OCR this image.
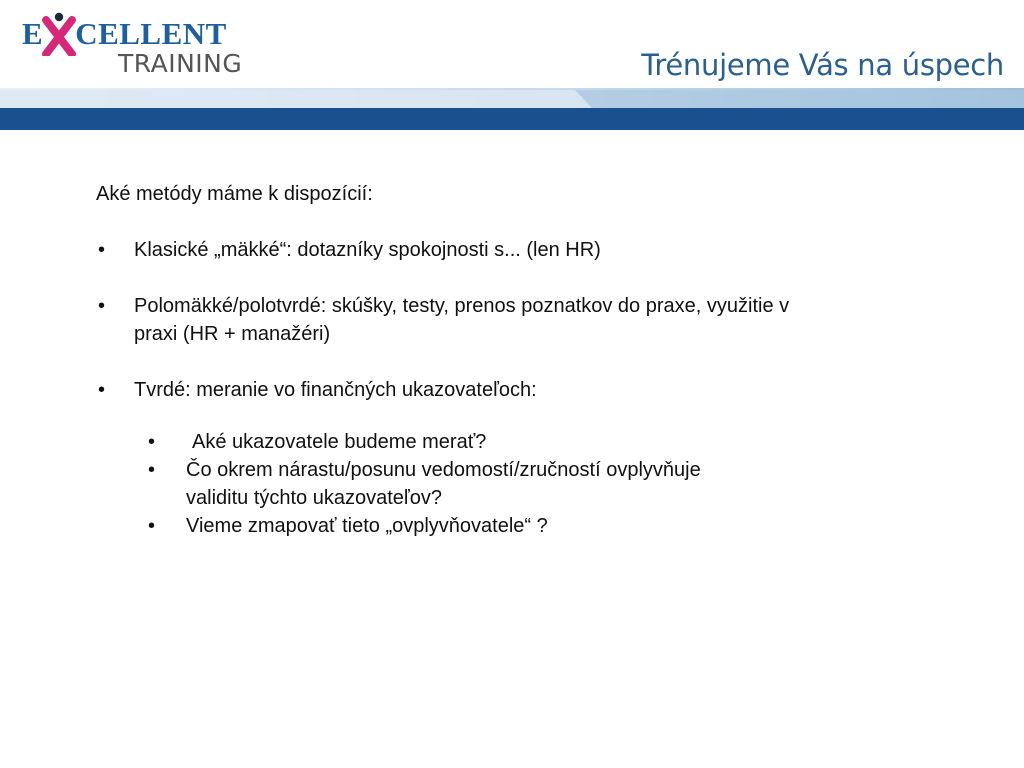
E CELLENT
TRAINING	Trénujeme Vás na úspech

Aké metódy máme k dispozícií:

• Klasické „mäkké“: dotazníky spokojnosti s... (len HR)
• Polomäkké/polotvrdé: skúšky, testy, prenos poznatkov do praxe, využitie v praxi (HR + manažéri)
• Tvrdé: meranie vo finančných ukazovateľoch:
• Aké ukazovatele budeme merať?
• Čo okrem nárastu/posunu vedomostí/zručností ovplyvňuje validitu týchto ukazovateľov?
• Vieme zmapovať tieto „ovplyvňovatele“ ?
